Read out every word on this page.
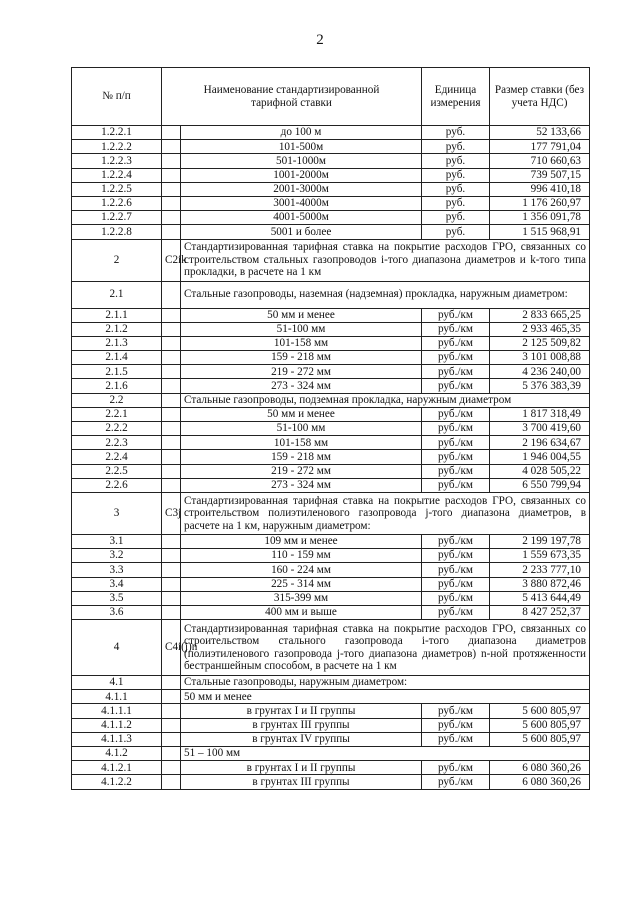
2
№ п/п	Наименование стандартизированной тарифной ставки		Единица измерения	Размер ставки (без учета НДС)
1.2.2.1		до 100 м	руб.	52 133,66
1.2.2.2		101-500м	руб.	177 791,04
1.2.2.3		501-1000м	руб.	710 660,63
1.2.2.4		1001-2000м	руб.	739 507,15
1.2.2.5		2001-3000м	руб.	996 410,18
1.2.2.6		3001-4000м	руб.	1 176 260,97
1.2.2.7		4001-5000м	руб.	1 356 091,78
1.2.2.8		5001 и более	руб.	1 515 968,91
2	C2ik	Стандартизированная тарифная ставка на покрытие расходов ГРО, связанных со строительством стальных газопроводов i-того диапазона диаметров и k-того типа прокладки, в расчете на 1 км		
2.1		Стальные газопроводы, наземная (надземная) прокладка, наружным диаметром:		
2.1.1		50 мм и менее	руб./км	2 833 665,25
2.1.2		51-100 мм	руб./км	2 933 465,35
2.1.3		101-158 мм	руб./км	2 125 509,82
2.1.4		159 - 218 мм	руб./км	3 101 008,88
2.1.5		219 - 272 мм	руб./км	4 236 240,00
2.1.6		273 - 324 мм	руб./км	5 376 383,39
2.2		Стальные газопроводы, подземная прокладка, наружным диаметром		
2.2.1		50 мм и менее	руб./км	1 817 318,49
2.2.2		51-100 мм	руб./км	3 700 419,60
2.2.3		101-158 мм	руб./км	2 196 634,67
2.2.4		159 - 218 мм	руб./км	1 946 004,55
2.2.5		219 - 272 мм	руб./км	4 028 505,22
2.2.6		273 - 324 мм	руб./км	6 550 799,94
3	C3j	Стандартизированная тарифная ставка на покрытие расходов ГРО, связанных со строительством полиэтиленового газопровода j-того диапазона диаметров, в расчете на 1 км, наружным диаметром:		
3.1		109 мм и менее	руб./км	2 199 197,78
3.2		110 - 159 мм	руб./км	1 559 673,35
3.3		160 - 224 мм	руб./км	2 233 777,10
3.4		225 - 314 мм	руб./км	3 880 872,46
3.5		315-399 мм	руб./км	5 413 644,49
3.6		400 мм и выше	руб./км	8 427 252,37
4	C4i(j)n	Стандартизированная тарифная ставка на покрытие расходов ГРО, связанных со строительством стального газопровода i-того диапазона диаметров (полиэтиленового газопровода j-того диапазона диаметров) n-ной протяженности бестраншейным способом, в расчете на 1 км		
4.1		Стальные газопроводы, наружным диаметром:		
4.1.1		50 мм и менее		
4.1.1.1		в грунтах I и II группы	руб./км	5 600 805,97
4.1.1.2		в грунтах III группы	руб./км	5 600 805,97
4.1.1.3		в грунтах IV группы	руб./км	5 600 805,97
4.1.2		51 – 100 мм		
4.1.2.1		в грунтах I и II группы	руб./км	6 080 360,26
4.1.2.2		в грунтах III группы	руб./км	6 080 360,26
